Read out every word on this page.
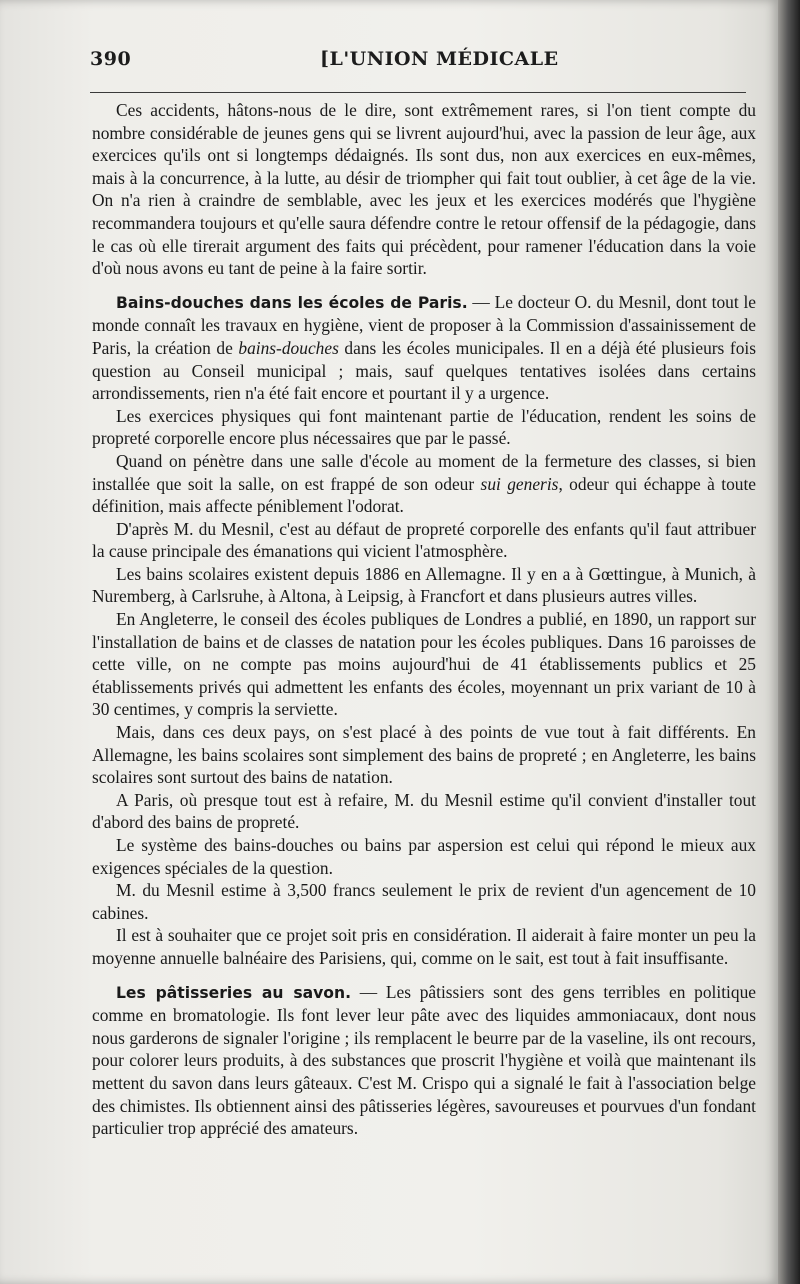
390	[L'UNION MÉDICALE

Ces accidents, hâtons-nous de le dire, sont extrêmement rares, si l'on tient compte du nombre considérable de jeunes gens qui se livrent aujourd'hui, avec la passion de leur âge, aux exercices qu'ils ont si longtemps dédaignés. Ils sont dus, non aux exercices en eux-mêmes, mais à la concurrence, à la lutte, au désir de triompher qui fait tout oublier, à cet âge de la vie. On n'a rien à craindre de semblable, avec les jeux et les exercices modérés que l'hygiène recommandera toujours et qu'elle saura défendre contre le retour offensif de la pédagogie, dans le cas où elle tirerait argument des faits qui précèdent, pour ramener l'éducation dans la voie d'où nous avons eu tant de peine à la faire sortir.

Bains-douches dans les écoles de Paris. — Le docteur O. du Mesnil, dont tout le monde connaît les travaux en hygiène, vient de proposer à la Commission d'assainissement de Paris, la création de bains-douches dans les écoles municipales. Il en a déjà été plusieurs fois question au Conseil municipal ; mais, sauf quelques tentatives isolées dans certains arrondissements, rien n'a été fait encore et pourtant il y a urgence.

Les exercices physiques qui font maintenant partie de l'éducation, rendent les soins de propreté corporelle encore plus nécessaires que par le passé.

Quand on pénètre dans une salle d'école au moment de la fermeture des classes, si bien installée que soit la salle, on est frappé de son odeur sui generis, odeur qui échappe à toute définition, mais affecte péniblement l'odorat.

D'après M. du Mesnil, c'est au défaut de propreté corporelle des enfants qu'il faut attribuer la cause principale des émanations qui vicient l'atmosphère.

Les bains scolaires existent depuis 1886 en Allemagne. Il y en a à Gœttingue, à Munich, à Nuremberg, à Carlsruhe, à Altona, à Leipsig, à Francfort et dans plusieurs autres villes.

En Angleterre, le conseil des écoles publiques de Londres a publié, en 1890, un rapport sur l'installation de bains et de classes de natation pour les écoles publiques. Dans 16 paroisses de cette ville, on ne compte pas moins aujourd'hui de 41 établissements publics et 25 établissements privés qui admettent les enfants des écoles, moyennant un prix variant de 10 à 30 centimes, y compris la serviette.

Mais, dans ces deux pays, on s'est placé à des points de vue tout à fait différents. En Allemagne, les bains scolaires sont simplement des bains de propreté ; en Angleterre, les bains scolaires sont surtout des bains de natation.

A Paris, où presque tout est à refaire, M. du Mesnil estime qu'il convient d'installer tout d'abord des bains de propreté.

Le système des bains-douches ou bains par aspersion est celui qui répond le mieux aux exigences spéciales de la question.

M. du Mesnil estime à 3,500 francs seulement le prix de revient d'un agencement de 10 cabines.

Il est à souhaiter que ce projet soit pris en considération. Il aiderait à faire monter un peu la moyenne annuelle balnéaire des Parisiens, qui, comme on le sait, est tout à fait insuffisante.

Les pâtisseries au savon. — Les pâtissiers sont des gens terribles en politique comme en bromatologie. Ils font lever leur pâte avec des liquides ammoniacaux, dont nous nous garderons de signaler l'origine ; ils remplacent le beurre par de la vaseline, ils ont recours, pour colorer leurs produits, à des substances que proscrit l'hygiène et voilà que maintenant ils mettent du savon dans leurs gâteaux. C'est M. Crispo qui a signalé le fait à l'association belge des chimistes. Ils obtiennent ainsi des pâtisseries légères, savoureuses et pourvues d'un fondant particulier trop apprécié des amateurs.
